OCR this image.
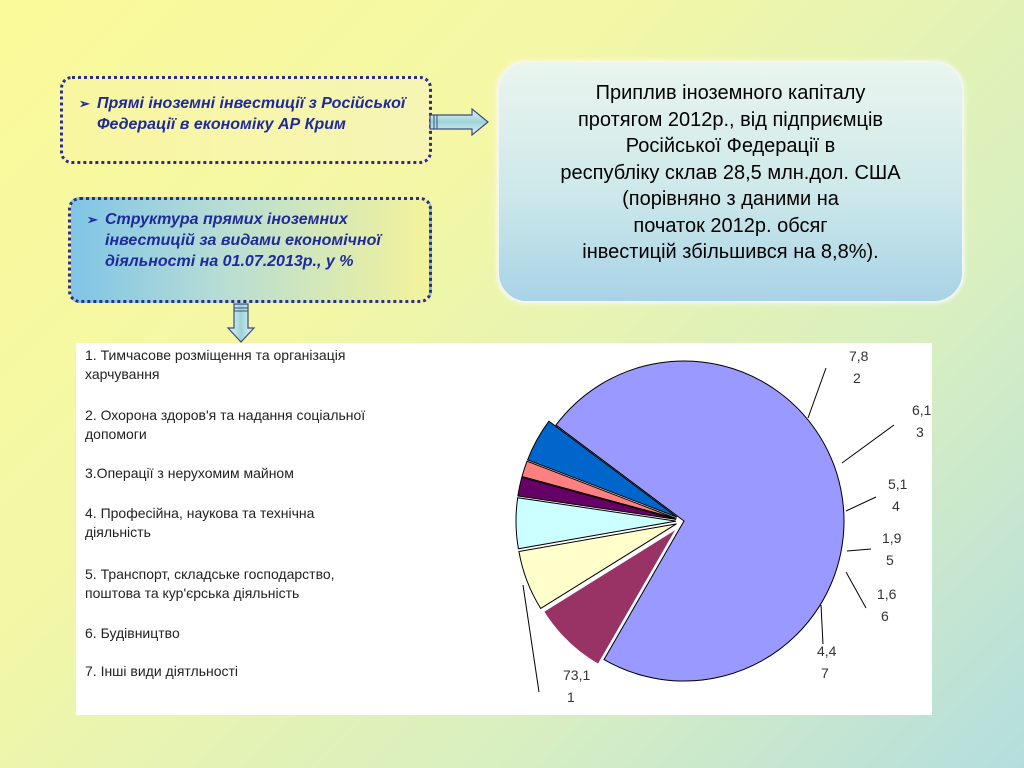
➢ Прямі іноземні інвестиції з Російської Федерації в економіку АР Крим
➢ Структура прямих іноземних інвестицій за видами економічної діяльності на 01.07.2013р., у %
Приплив іноземного капіталу
протягом 2012р., від підприємців
Російської Федерації в
республіку склав 28,5 млн.дол. США
(порівняно з даними на
початок 2012р. обсяг
інвестицій збільшився на 8,8%).
73,1
1
7,8
2
6,1
3
5,1
4
1,9
5
1,6
6
4,4
7
1. Тимчасове розміщення та організація
харчування
2. Охорона здоров'я та надання соціальної
допомоги
3.Операції з нерухомим майном
4. Професійна, наукова та технічна
діяльність
5. Транспорт, складське господарство,
поштова та кур'єрська діяльність
6. Будівництво
7. Інші види діятльності
